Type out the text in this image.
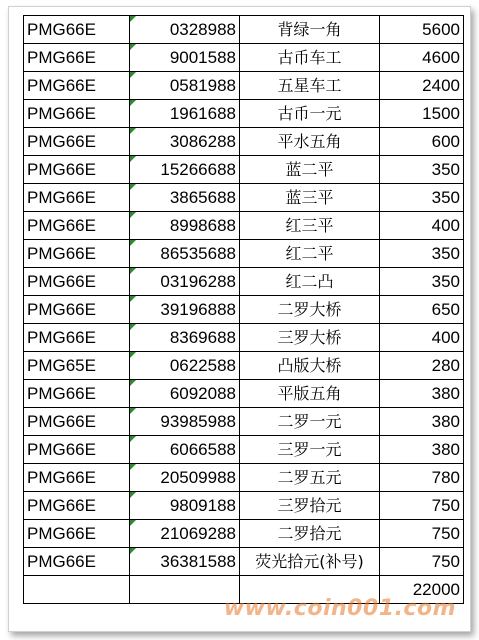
PMG66E	0328988	背绿一角	5600
PMG66E	9001588	古币车工	4600
PMG66E	0581988	五星车工	2400
PMG66E	1961688	古币一元	1500
PMG66E	3086288	平水五角	600
PMG66E	15266688	蓝二平	350
PMG66E	3865688	蓝三平	350
PMG66E	8998688	红三平	400
PMG66E	86535688	红二平	350
PMG66E	03196288	红二凸	350
PMG66E	39196888	二罗大桥	650
PMG66E	8369688	三罗大桥	400
PMG65E	0622588	凸版大桥	280
PMG66E	6092088	平版五角	380
PMG66E	93985988	二罗一元	380
PMG66E	6066588	三罗一元	380
PMG66E	20509988	二罗五元	780
PMG66E	9809188	三罗拾元	750
PMG66E	21069288	二罗拾元	750
PMG66E	36381588	荧光拾元(补号)	750
			22000
www.coin001.com
